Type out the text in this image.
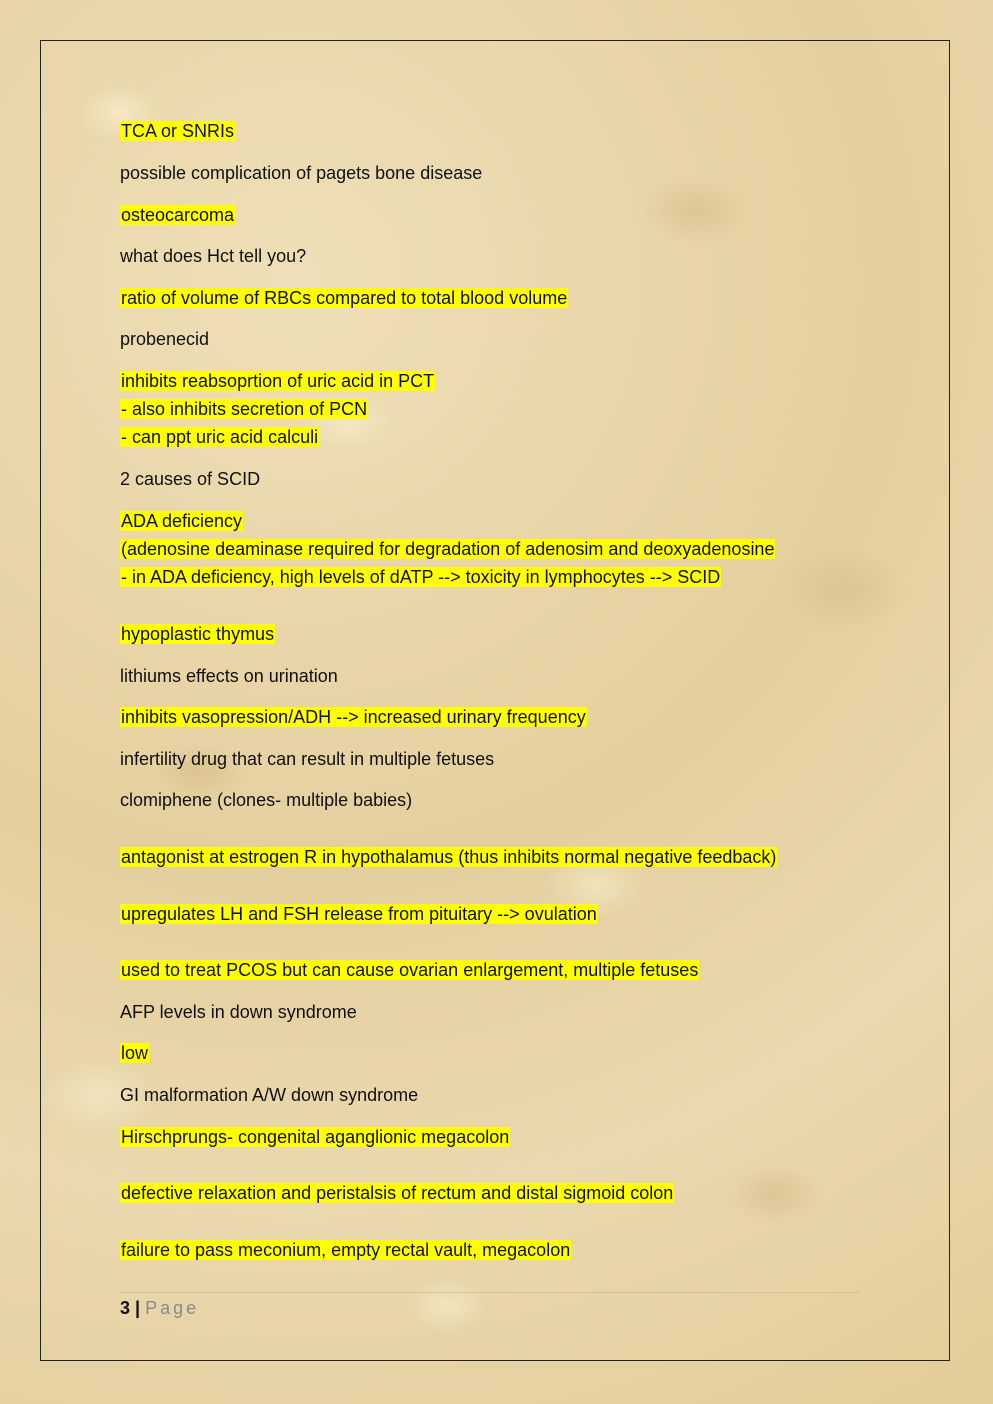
TCA or SNRIs
possible complication of pagets bone disease
osteocarcoma
what does Hct tell you?
ratio of volume of RBCs compared to total blood volume
probenecid
inhibits reabsoprtion of uric acid in PCT
- also inhibits secretion of PCN
- can ppt uric acid calculi
2 causes of SCID
ADA deficiency
(adenosine deaminase required for degradation of adenosim and deoxyadenosine
- in ADA deficiency, high levels of dATP --> toxicity in lymphocytes --> SCID
hypoplastic thymus
lithiums effects on urination
inhibits vasopression/ADH --> increased urinary frequency
infertility drug that can result in multiple fetuses
clomiphene (clones- multiple babies)
antagonist at estrogen R in hypothalamus (thus inhibits normal negative feedback)
upregulates LH and FSH release from pituitary --> ovulation
used to treat PCOS but can cause ovarian enlargement, multiple fetuses
AFP levels in down syndrome
low
GI malformation A/W down syndrome
Hirschprungs- congenital aganglionic megacolon
defective relaxation and peristalsis of rectum and distal sigmoid colon
failure to pass meconium, empty rectal vault, megacolon
3 | Page
